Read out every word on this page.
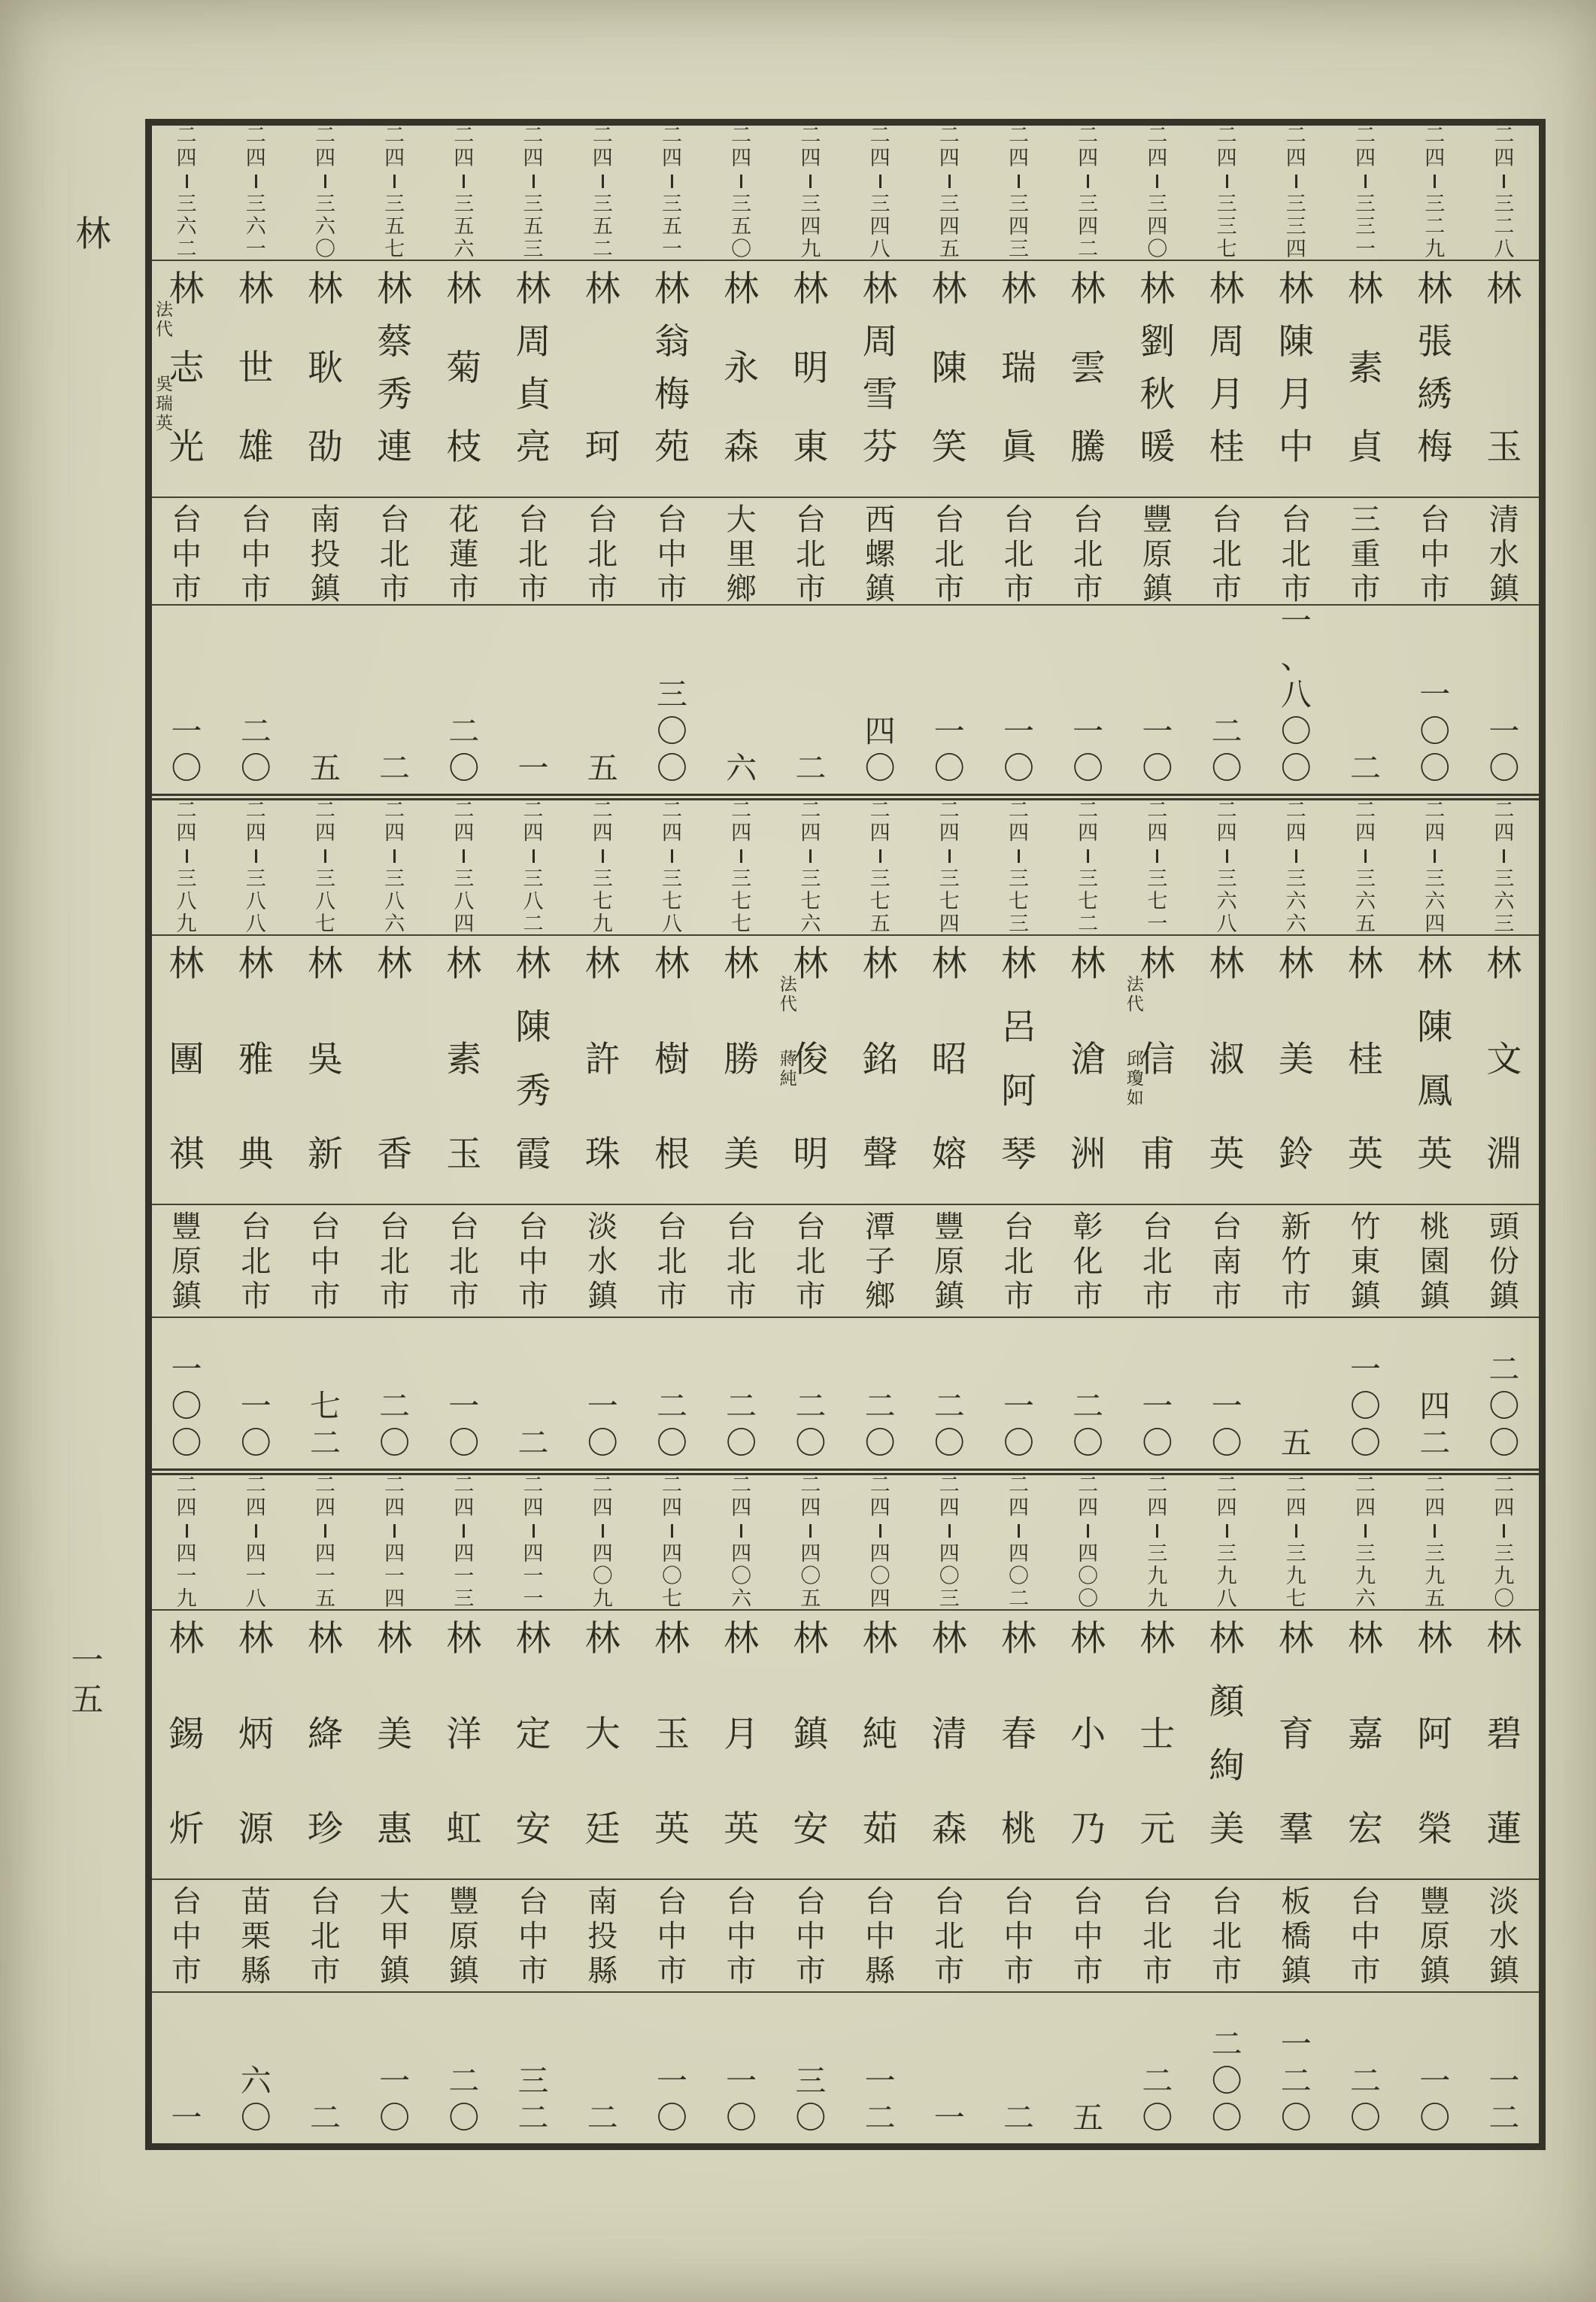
林
一五
二
四
三
二
八
二
四
三
二
九
二
四
三
三
一
二
四
三
三
四
二
四
三
三
七
二
四
三
四
〇
二
四
三
四
二
二
四
三
四
三
二
四
三
四
五
二
四
三
四
八
二
四
三
四
九
二
四
三
五
〇
二
四
三
五
一
二
四
三
五
二
二
四
三
五
三
二
四
三
五
六
二
四
三
五
七
二
四
三
六
〇
二
四
三
六
一
二
四
三
六
二
林
玉
林
張
綉
梅
林
素
貞
林
陳
月
中
林
周
月
桂
林
劉
秋
暖
林
雲
騰
林
瑞
眞
林
陳
笑
林
周
雪
芬
林
明
東
林
永
森
林
翁
梅
苑
林
珂
林
周
貞
亮
林
菊
枝
林
蔡
秀
連
林
耿
劭
林
世
雄
林
志
光
法
代
吳
瑞
英
清
水
鎮
台
中
市
三
重
市
台
北
市
台
北
市
豐
原
鎮
台
北
市
台
北
市
台
北
市
西
螺
鎮
台
北
市
大
里
鄉
台
中
市
台
北
市
台
北
市
花
蓮
市
台
北
市
南
投
鎮
台
中
市
台
中
市
一
〇
一
〇
〇
二
一
、
八
〇
〇
二
〇
一
〇
一
〇
一
〇
一
〇
四
〇
二
六
三
〇
〇
五
一
二
〇
二
五
二
〇
一
〇
二
四
三
六
三
二
四
三
六
四
二
四
三
六
五
二
四
三
六
六
二
四
三
六
八
二
四
三
七
一
二
四
三
七
二
二
四
三
七
三
二
四
三
七
四
二
四
三
七
五
二
四
三
七
六
二
四
三
七
七
二
四
三
七
八
二
四
三
七
九
二
四
三
八
二
二
四
三
八
四
二
四
三
八
六
二
四
三
八
七
二
四
三
八
八
二
四
三
八
九
林
文
淵
林
陳
鳳
英
林
桂
英
林
美
鈴
林
淑
英
林
信
甫
法
代
邱
瓊
如
林
滄
洲
林
呂
阿
琴
林
昭
嫆
林
銘
聲
林
俊
明
法
代
蔣
純
林
勝
美
林
樹
根
林
許
珠
林
陳
秀
霞
林
素
玉
林
香
林
吳
新
林
雅
典
林
團
祺
頭
份
鎮
桃
園
鎮
竹
東
鎮
新
竹
市
台
南
市
台
北
市
彰
化
市
台
北
市
豐
原
鎮
潭
子
鄉
台
北
市
台
北
市
台
北
市
淡
水
鎮
台
中
市
台
北
市
台
北
市
台
中
市
台
北
市
豐
原
鎮
二
〇
〇
四
二
一
〇
〇
五
一
〇
一
〇
二
〇
一
〇
二
〇
二
〇
二
〇
二
〇
二
〇
一
〇
二
一
〇
二
〇
七
二
一
〇
一
〇
〇
二
四
三
九
〇
二
四
三
九
五
二
四
三
九
六
二
四
三
九
七
二
四
三
九
八
二
四
三
九
九
二
四
四
〇
〇
二
四
四
〇
二
二
四
四
〇
三
二
四
四
〇
四
二
四
四
〇
五
二
四
四
〇
六
二
四
四
〇
七
二
四
四
〇
九
二
四
四
一
一
二
四
四
一
三
二
四
四
一
四
二
四
四
一
五
二
四
四
一
八
二
四
四
一
九
林
碧
蓮
林
阿
榮
林
嘉
宏
林
育
羣
林
顏
絢
美
林
士
元
林
小
乃
林
春
桃
林
清
森
林
純
茹
林
鎮
安
林
月
英
林
玉
英
林
大
廷
林
定
安
林
洋
虹
林
美
惠
林
絳
珍
林
炳
源
林
錫
炘
淡
水
鎮
豐
原
鎮
台
中
市
板
橋
鎮
台
北
市
台
北
市
台
中
市
台
中
市
台
北
市
台
中
縣
台
中
市
台
中
市
台
中
市
南
投
縣
台
中
市
豐
原
鎮
大
甲
鎮
台
北
市
苗
栗
縣
台
中
市
一
二
一
〇
二
〇
一
二
〇
二
〇
〇
二
〇
五
二
一
一
二
三
〇
一
〇
一
〇
二
三
二
二
〇
一
〇
二
六
〇
一
